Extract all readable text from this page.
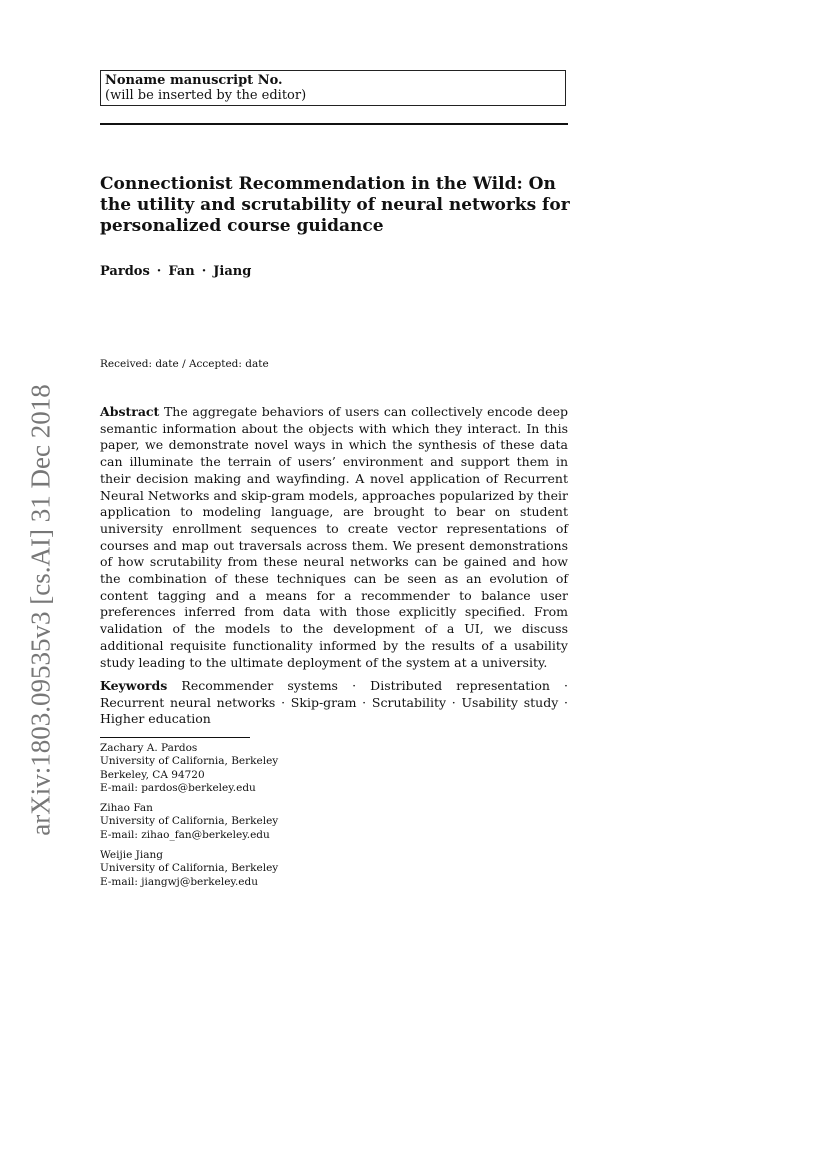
Noname manuscript No.
(will be inserted by the editor)
Connectionist Recommendation in the Wild: On the utility and scrutability of neural networks for personalized course guidance
Pardos · Fan · Jiang
Received: date / Accepted: date

Abstract The aggregate behaviors of users can collectively encode deep semantic information about the objects with which they interact. In this paper, we demonstrate novel ways in which the synthesis of these data can illuminate the terrain of users’ environment and support them in their decision making and wayfinding. A novel application of Recurrent Neural Networks and skip-gram models, approaches popularized by their application to modeling language, are brought to bear on student university enrollment sequences to create vector representations of courses and map out traversals across them. We present demonstrations of how scrutability from these neural networks can be gained and how the combination of these techniques can be seen as an evolution of content tagging and a means for a recommender to balance user preferences inferred from data with those explicitly specified. From validation of the models to the development of a UI, we discuss additional requisite functionality informed by the results of a usability study leading to the ultimate deployment of the system at a university.

Keywords Recommender systems · Distributed representation · Recurrent neural networks · Skip-gram · Scrutability · Usability study · Higher education

Zachary A. Pardos
University of California, Berkeley
Berkeley, CA 94720
E-mail: pardos@berkeley.edu
Zihao Fan
University of California, Berkeley
E-mail: zihao_fan@berkeley.edu
Weijie Jiang
University of California, Berkeley
E-mail: jiangwj@berkeley.edu
arXiv:1803.09535v3 [cs.AI] 31 Dec 2018
